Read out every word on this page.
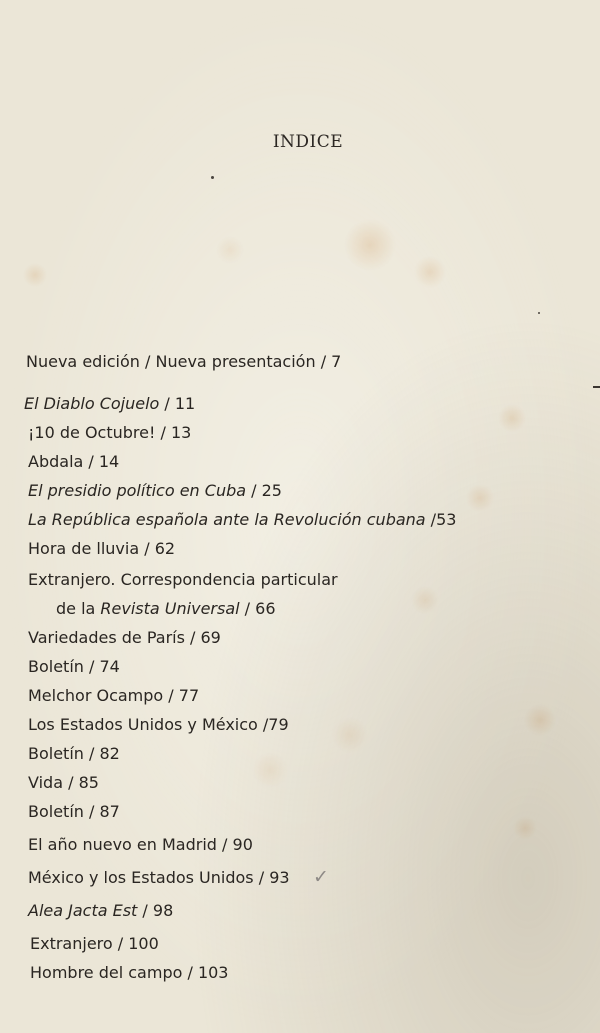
INDICE
Nueva edición / Nueva presentación / 7
El Diablo Cojuelo / 11
¡10 de Octubre! / 13
Abdala / 14
El presidio político en Cuba / 25
La República española ante la Revolución cubana /53
Hora de lluvia / 62
Extranjero. Correspondencia particular
de la Revista Universal / 66
Variedades de París / 69
Boletín / 74
Melchor Ocampo / 77
Los Estados Unidos y México /79
Boletín / 82
Vida / 85
Boletín / 87
El año nuevo en Madrid / 90
México y los Estados Unidos / 93 ✓
Alea Jacta Est / 98
Extranjero / 100
Hombre del campo / 103
